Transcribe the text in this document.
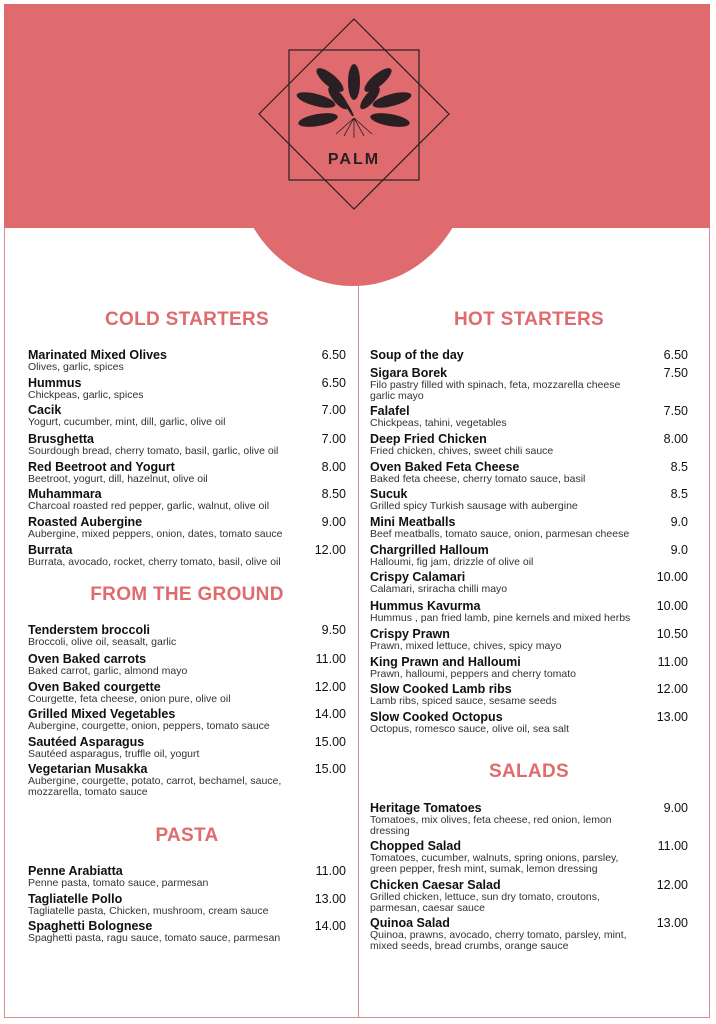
PALM
COLD STARTERS	HOT STARTERS
FROM THE GROUND
PASTA
SALADS
Marinated Mixed Olives	6.50
Olives, garlic, spices
Hummus	6.50
Chickpeas, garlic, spices
Cacik	7.00
Yogurt, cucumber, mint, dill, garlic, olive oil
Brusghetta	7.00
Sourdough bread, cherry tomato, basil, garlic, olive oil
Red Beetroot and Yogurt	8.00
Beetroot, yogurt, dill, hazelnut, olive oil
Muhammara	8.50
Charcoal roasted red pepper, garlic, walnut, olive oil
Roasted Aubergine	9.00
Aubergine, mixed peppers, onion, dates, tomato sauce
Burrata	12.00
Burrata, avocado, rocket, cherry tomato, basil, olive oil
Tenderstem broccoli	9.50
Broccoli, olive oil, seasalt, garlic
Oven Baked carrots	11.00
Baked carrot, garlic, almond mayo
Oven Baked courgette	12.00
Courgette, feta cheese, onion pure, olive oil
Grilled Mixed Vegetables	14.00
Aubergine, courgette, onion, peppers, tomato sauce
Sautéed Asparagus	15.00
Sautéed asparagus, truffle oil, yogurt
Vegetarian Musakka	15.00
Aubergine, courgette, potato, carrot, bechamel, sauce, mozzarella, tomato sauce
Penne Arabiatta	11.00
Penne pasta, tomato sauce, parmesan
Tagliatelle Pollo	13.00
Tagliatelle pasta, Chicken, mushroom, cream sauce
Spaghetti Bolognese	14.00
Spaghetti pasta, ragu sauce, tomato sauce, parmesan
Soup of the day	6.50
Sigara Borek	7.50
Filo pastry filled with spinach, feta, mozzarella cheese garlic mayo
Falafel	7.50
Chickpeas, tahini, vegetables
Deep Fried Chicken	8.00
Fried chicken, chives, sweet chili sauce
Oven Baked Feta Cheese	8.5
Baked feta cheese, cherry tomato sauce, basil
Sucuk	8.5
Grilled spicy Turkish sausage with aubergine
Mini Meatballs	9.0
Beef meatballs, tomato sauce, onion, parmesan cheese
Chargrilled Halloum	9.0
Halloumi, fig jam, drizzle of olive oil
Crispy Calamari	10.00
Calamari, sriracha chilli mayo
Hummus Kavurma	10.00
Hummus , pan fried lamb, pine kernels and mixed herbs
Crispy Prawn	10.50
Prawn, mixed lettuce, chives, spicy mayo
King Prawn and Halloumi	11.00
Prawn, halloumi, peppers and cherry tomato
Slow Cooked Lamb ribs	12.00
Lamb ribs, spiced sauce, sesame seeds
Slow Cooked Octopus	13.00
Octopus, romesco sauce, olive oil, sea salt
Heritage Tomatoes	9.00
Tomatoes, mix olives, feta cheese, red onion, lemon dressing
Chopped Salad	11.00
Tomatoes, cucumber, walnuts, spring onions, parsley, green pepper, fresh mint, sumak, lemon dressing
Chicken Caesar Salad	12.00
Grilled chicken, lettuce, sun dry tomato, croutons, parmesan, caesar sauce
Quinoa Salad	13.00
Quinoa, prawns, avocado, cherry tomato, parsley, mint, mixed seeds, bread crumbs, orange sauce
